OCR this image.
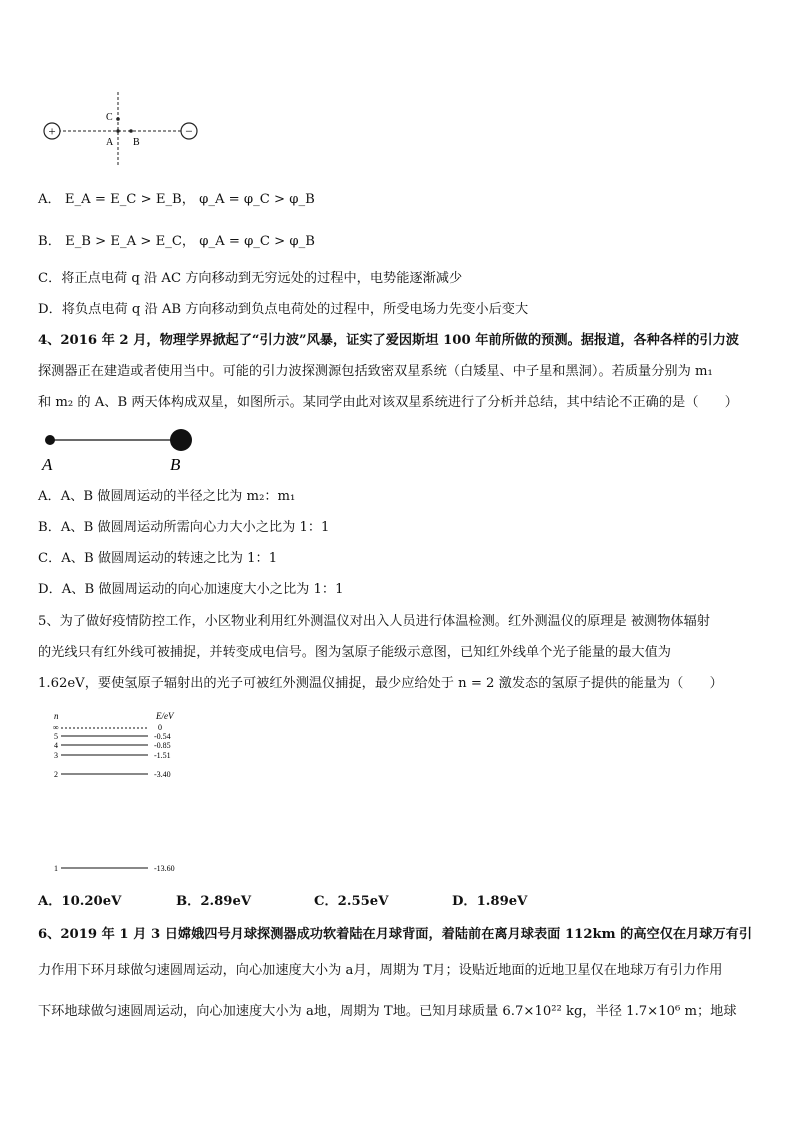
+	−
C
A B
A． E_A = E_C > E_B， φ_A = φ_C > φ_B
B． E_B > E_A > E_C， φ_A = φ_C > φ_B
C．将正点电荷 q 沿 AC 方向移动到无穷远处的过程中，电势能逐渐减少
D．将负点电荷 q 沿 AB 方向移动到负点电荷处的过程中，所受电场力先变小后变大
4、2016 年 2 月，物理学界掀起了“引力波”风暴，证实了爱因斯坦 100 年前所做的预测。据报道，各种各样的引力波
探测器正在建造或者使用当中。可能的引力波探测源包括致密双星系统（白矮星、中子星和黑洞）。若质量分别为 m₁
和 m₂ 的 A、B 两天体构成双星，如图所示。某同学由此对该双星系统进行了分析并总结，其中结论不正确的是（　　）
A	B
A．A、B 做圆周运动的半径之比为 m₂：m₁
B．A、B 做圆周运动所需向心力大小之比为 1：1
C．A、B 做圆周运动的转速之比为 1：1
D．A、B 做圆周运动的向心加速度大小之比为 1：1
5、为了做好疫情防控工作，小区物业利用红外测温仪对出入人员进行体温检测。红外测温仪的原理是 被测物体辐射
的光线只有红外线可被捕捉，并转变成电信号。图为氢原子能级示意图，已知红外线单个光子能量的最大值为
1.62eV，要使氢原子辐射出的光子可被红外测温仪捕捉，最少应给处于 n = 2 激发态的氢原子提供的能量为（　　）
n	E/eV
∞	0
5	-0.54
4	-0.85
3	-1.51
2	-3.40
1	-13.60
A．10.20eV	B．2.89eV	C．2.55eV	D．1.89eV
6、2019 年 1 月 3 日嫦娥四号月球探测器成功软着陆在月球背面，着陆前在离月球表面 112km 的高空仅在月球万有引
力作用下环月球做匀速圆周运动，向心加速度大小为 a月，周期为 T月；设贴近地面的近地卫星仅在地球万有引力作用
下环地球做匀速圆周运动，向心加速度大小为 a地，周期为 T地。已知月球质量 6.7×10²² kg，半径 1.7×10⁶ m；地球
